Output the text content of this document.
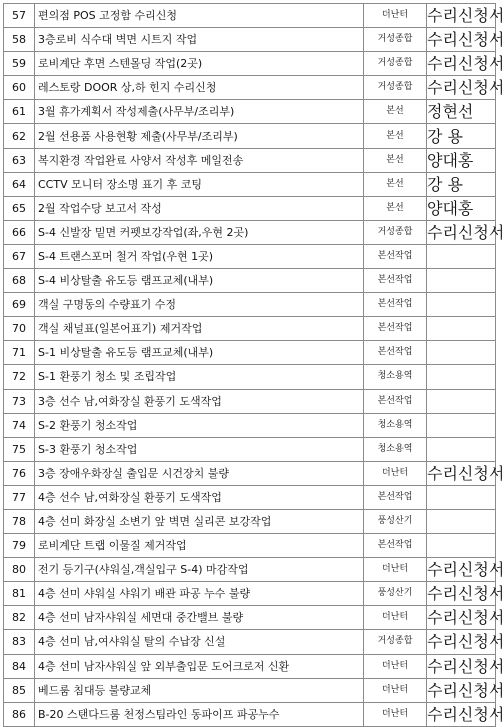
57	편의점 POS 고정함 수리신청	더난터	수리신청서
58	3층로비 식수대 벽면 시트지 작업	거성종합	수리신청서
59	로비계단 후면 스텐몰딩 작업(2곳)	거성종합	수리신청서
60	레스토랑 DOOR 상,하 힌지 수리신청	거성종합	수리신청서
61	3월 휴가계획서 작성제출(사무부/조리부)	본선	정현선
62	2월 선용품 사용현황 제출(사무부/조리부)	본선	강 용
63	복지환경 작업완료 사양서 작성후 메일전송	본선	양대홍
64	CCTV 모니터 장소명 표기 후 코팅	본선	강 용
65	2월 작업수당 보고서 작성	본선	양대홍
66	S-4 신발장 밑면 커펫보강작업(좌,우현 2곳)	거성종합	수리신청서
67	S-4 트랜스포머 철거 작업(우현 1곳)	본선작업	
68	S-4 비상탈출 유도등 램프교체(내부)	본선작업	
69	객실 구명동의 수량표기 수정	본선작업	
70	객실 채널표(일본어표기) 제거작업	본선작업	
71	S-1 비상탈출 유도등 램프교체(내부)	본선작업	
72	S-1 환풍기 청소 및 조립작업	청소용역	
73	3층 선수 남,여화장실 환풍기 도색작업	본선작업	
74	S-2 환풍기 청소작업	청소용역	
75	S-3 환풍기 청소작업	청소용역	
76	3층 장애우화장실 출입문 시건장치 불량	더난터	수리신청서
77	4층 선수 남,여화장실 환풍기 도색작업	본선작업	
78	4층 선미 화장실 소변기 앞 벽면 실리콘 보강작업	풍성산기	
79	로비계단 트랩 이물질 제거작업	본선작업	
80	전기 등기구(샤워실,객실입구 S-4) 마감작업	더난터	수리신청서
81	4층 선미 샤워실 샤워기 배관 파공 누수 불량	풍성산기	수리신청서
82	4층 선미 남자샤워실 세면대 중간밸브 불량	더난터	수리신청서
83	4층 선미 남,여샤워실 탈의 수납장 신설	거성종합	수리신청서
84	4층 선미 남자샤워실 앞 외부출입문 도어크로저 신환	더난터	수리신청서
85	베드룸 침대등 불량교체	더난터	수리신청서
86	B-20 스탠다드룸 천정스팀라인 동파이프 파공누수	더난터	수리신청서
